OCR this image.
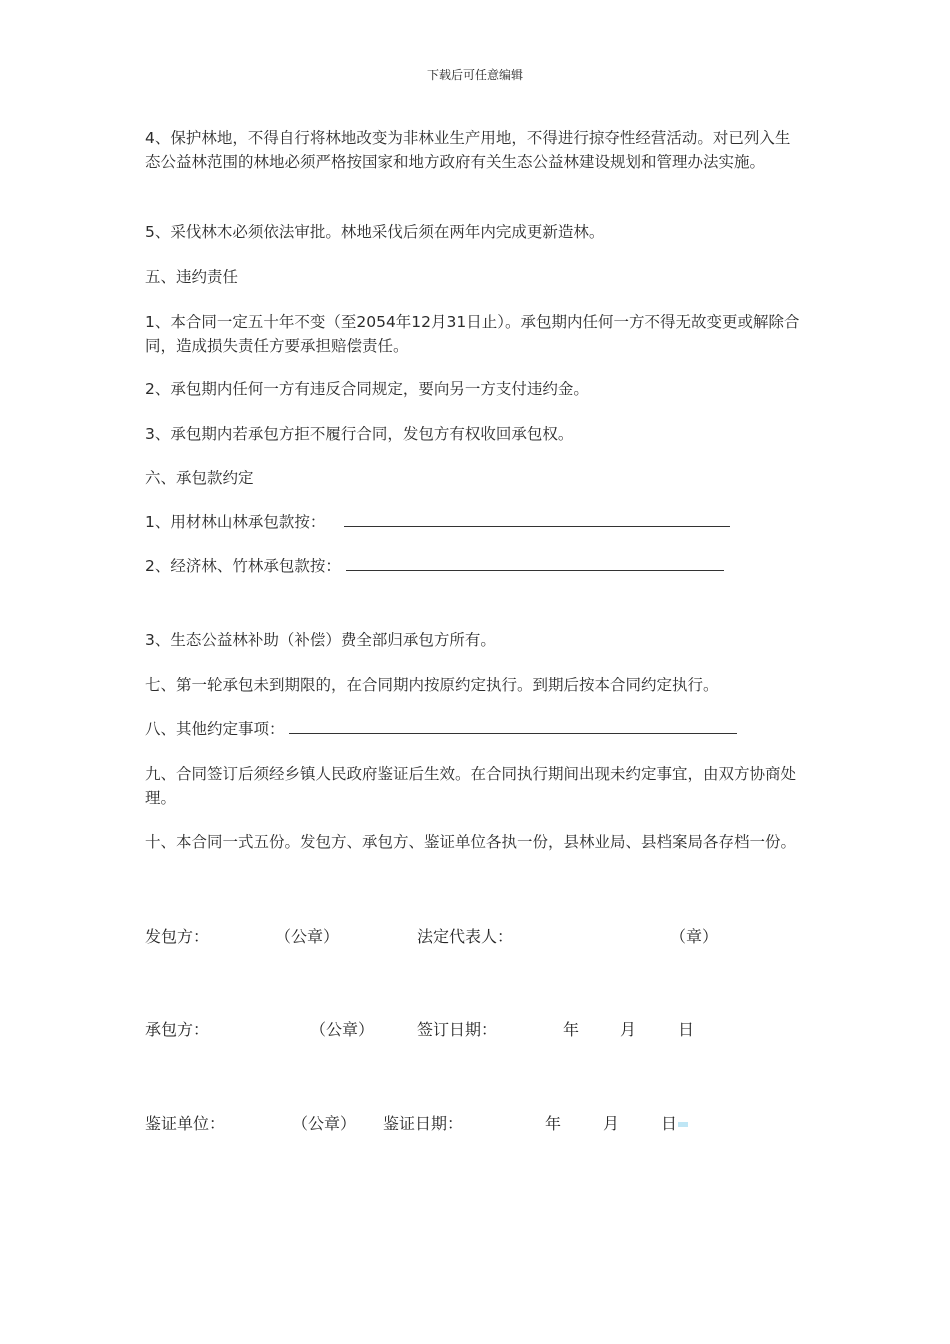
下载后可任意编辑
4、保护林地，不得自行将林地改变为非林业生产用地，不得进行掠夺性经营活动。对已列入生态公益林范围的林地必须严格按国家和地方政府有关生态公益林建设规划和管理办法实施。
5、采伐林木必须依法审批。林地采伐后须在两年内完成更新造林。
五、违约责任
1、本合同一定五十年不变（至2054年12月31日止）。承包期内任何一方不得无故变更或解除合同，造成损失责任方要承担赔偿责任。
2、承包期内任何一方有违反合同规定，要向另一方支付违约金。
3、承包期内若承包方拒不履行合同，发包方有权收回承包权。
六、承包款约定
1、用材林山林承包款按：
2、经济林、竹林承包款按：
3、生态公益林补助（补偿）费全部归承包方所有。
七、第一轮承包未到期限的，在合同期内按原约定执行。到期后按本合同约定执行。
八、其他约定事项：
九、合同签订后须经乡镇人民政府鉴证后生效。在合同执行期间出现未约定事宜，由双方协商处理。
十、本合同一式五份。发包方、承包方、鉴证单位各执一份，县林业局、县档案局各存档一份。
发包方：	（公章）	法定代表人：	（章）
承包方：	（公章）	签订日期：	年	月	日
鉴证单位：	（公章） 鉴证日期：	年	月	日
